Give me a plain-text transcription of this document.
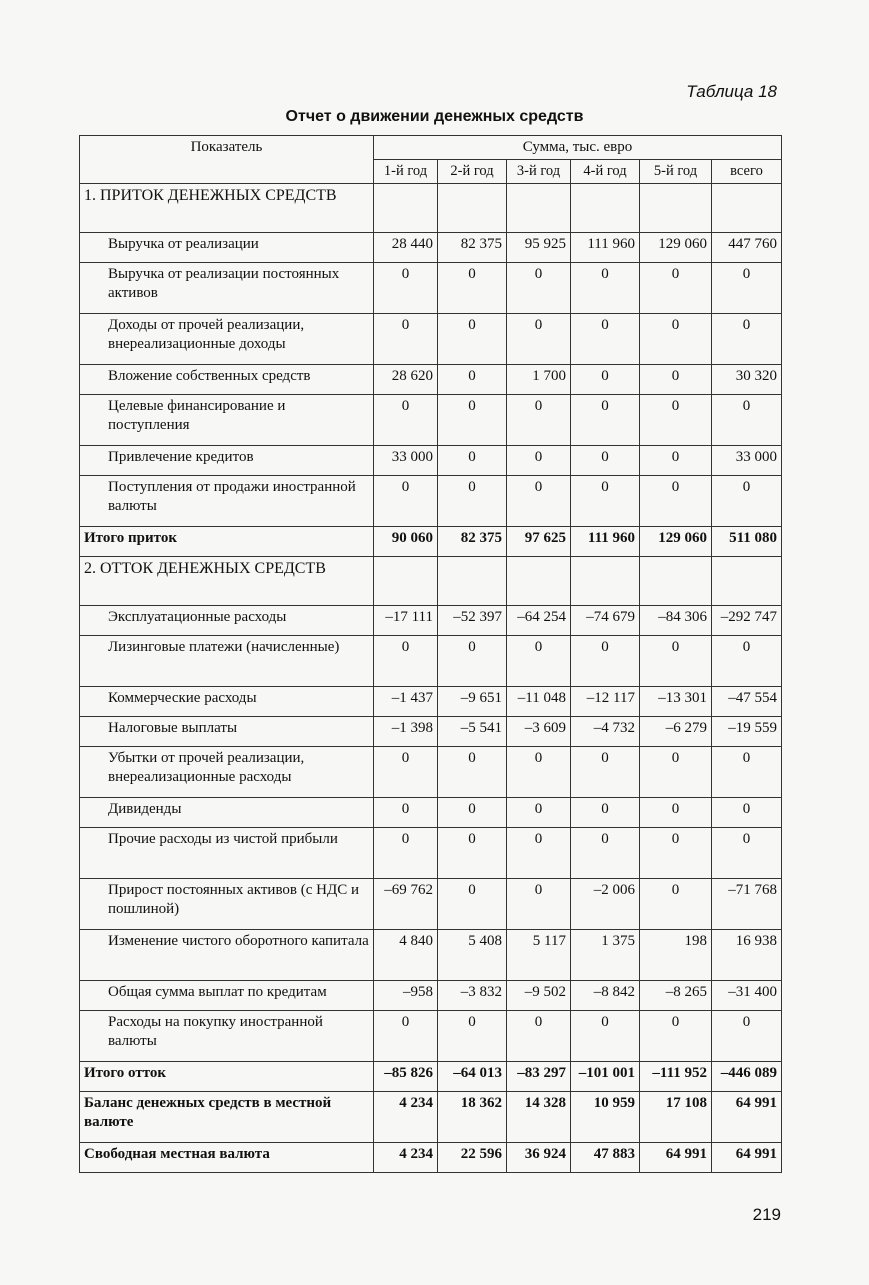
Таблица 18
Отчет о движении денежных средств
Показатель	Сумма, тыс. евро					
	1-й год	2-й год	3-й год	4-й год	5-й год	всего
1. ПРИТОК ДЕНЕЖНЫХ СРЕДСТВ						
Выручка от реализации	28 440	82 375	95 925	111 960	129 060	447 760
Выручка от реализации постоянных активов	0	0	0	0	0	0
Доходы от прочей реализации, внереализационные доходы	0	0	0	0	0	0
Вложение собственных средств	28 620	0	1 700	0	0	30 320
Целевые финансирование и поступления	0	0	0	0	0	0
Привлечение кредитов	33 000	0	0	0	0	33 000
Поступления от продажи иностранной валюты	0	0	0	0	0	0
Итого приток	90 060	82 375	97 625	111 960	129 060	511 080
2. ОТТОК ДЕНЕЖНЫХ СРЕДСТВ						
Эксплуатационные расходы	–17 111	–52 397	–64 254	–74 679	–84 306	–292 747
Лизинговые платежи (начисленные)	0	0	0	0	0	0
Коммерческие расходы	–1 437	–9 651	–11 048	–12 117	–13 301	–47 554
Налоговые выплаты	–1 398	–5 541	–3 609	–4 732	–6 279	–19 559
Убытки от прочей реализации, внереализационные расходы	0	0	0	0	0	0
Дивиденды	0	0	0	0	0	0
Прочие расходы из чистой прибыли	0	0	0	0	0	0
Прирост постоянных активов (с НДС и пошлиной)	–69 762	0	0	–2 006	0	–71 768
Изменение чистого оборотного капитала	4 840	5 408	5 117	1 375	198	16 938
Общая сумма выплат по кредитам	–958	–3 832	–9 502	–8 842	–8 265	–31 400
Расходы на покупку иностранной валюты	0	0	0	0	0	0
Итого отток	–85 826	–64 013	–83 297	–101 001	–111 952	–446 089
Баланс денежных средств в местной валюте	4 234	18 362	14 328	10 959	17 108	64 991
Свободная местная валюта	4 234	22 596	36 924	47 883	64 991	64 991
219
